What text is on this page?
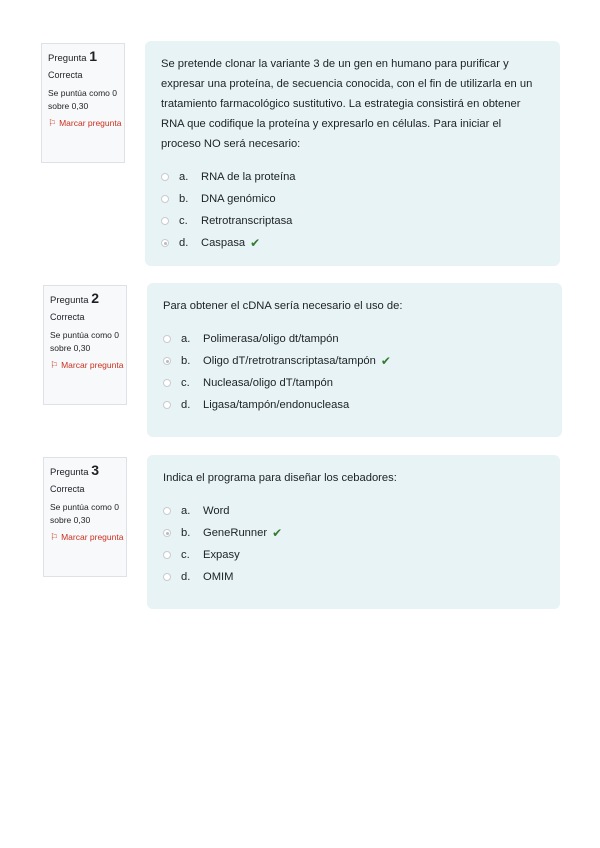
Pregunta 1
Correcta
Se puntúa como 0 sobre 0,30
⚐ Marcar pregunta
Se pretende clonar la variante 3 de un gen en humano para purificar y expresar una proteína, de secuencia conocida, con el fin de utilizarla en un tratamiento farmacológico sustitutivo. La estrategia consistirá en obtener RNA que codifique la proteína y expresarlo en células. Para iniciar el proceso NO será necesario:
a.	RNA de la proteína
b.	DNA genómico
c.	Retrotranscriptasa
d.	Caspasa ✔
Pregunta 2
Correcta
Se puntúa como 0 sobre 0,30
⚐ Marcar pregunta
Para obtener el cDNA sería necesario el uso de:
a.	Polimerasa/oligo dt/tampón
b.	Oligo dT/retrotranscriptasa/tampón ✔
c.	Nucleasa/oligo dT/tampón
d.	Ligasa/tampón/endonucleasa
Pregunta 3
Correcta
Se puntúa como 0 sobre 0,30
⚐ Marcar pregunta
Indica el programa para diseñar los cebadores:
a.	Word
b.	GeneRunner ✔
c.	Expasy
d.	OMIM
